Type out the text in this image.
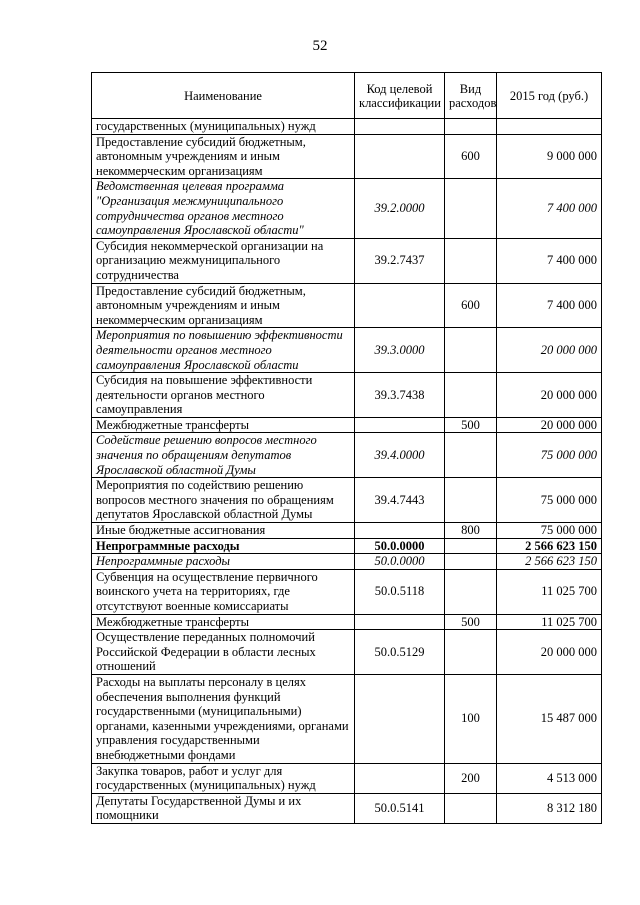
52
Наименование	Код целевой классификации	Вид расходов	2015 год (руб.)
государственных (муниципальных) нужд			
Предоставление субсидий бюджетным, автономным учреждениям и иным некоммерческим организациям		600	9 000 000
Ведомственная целевая программа "Организация межмуниципального сотрудничества органов местного самоуправления Ярославской области"	39.2.0000		7 400 000
Субсидия некоммерческой организации на организацию межмуниципального сотрудничества	39.2.7437		7 400 000
Предоставление субсидий бюджетным, автономным учреждениям и иным некоммерческим организациям		600	7 400 000
Мероприятия по повышению эффективности деятельности органов местного самоуправления Ярославской области	39.3.0000		20 000 000
Субсидия на повышение эффективности деятельности органов местного самоуправления	39.3.7438		20 000 000
Межбюджетные трансферты		500	20 000 000
Содействие решению вопросов местного значения по обращениям депутатов Ярославской областной Думы	39.4.0000		75 000 000
Мероприятия по содействию решению вопросов местного значения по обращениям депутатов Ярославской областной Думы	39.4.7443		75 000 000
Иные бюджетные ассигнования		800	75 000 000
Непрограммные расходы	50.0.0000		2 566 623 150
Непрограммные расходы	50.0.0000		2 566 623 150
Субвенция на осуществление первичного воинского учета на территориях, где отсутствуют военные комиссариаты	50.0.5118		11 025 700
Межбюджетные трансферты		500	11 025 700
Осуществление переданных полномочий Российской Федерации в области лесных отношений	50.0.5129		20 000 000
Расходы на выплаты персоналу в целях обеспечения выполнения функций государственными (муниципальными) органами, казенными учреждениями, органами управления государственными внебюджетными фондами		100	15 487 000
Закупка товаров, работ и услуг для государственных (муниципальных) нужд		200	4 513 000
Депутаты Государственной Думы и их помощники	50.0.5141		8 312 180
